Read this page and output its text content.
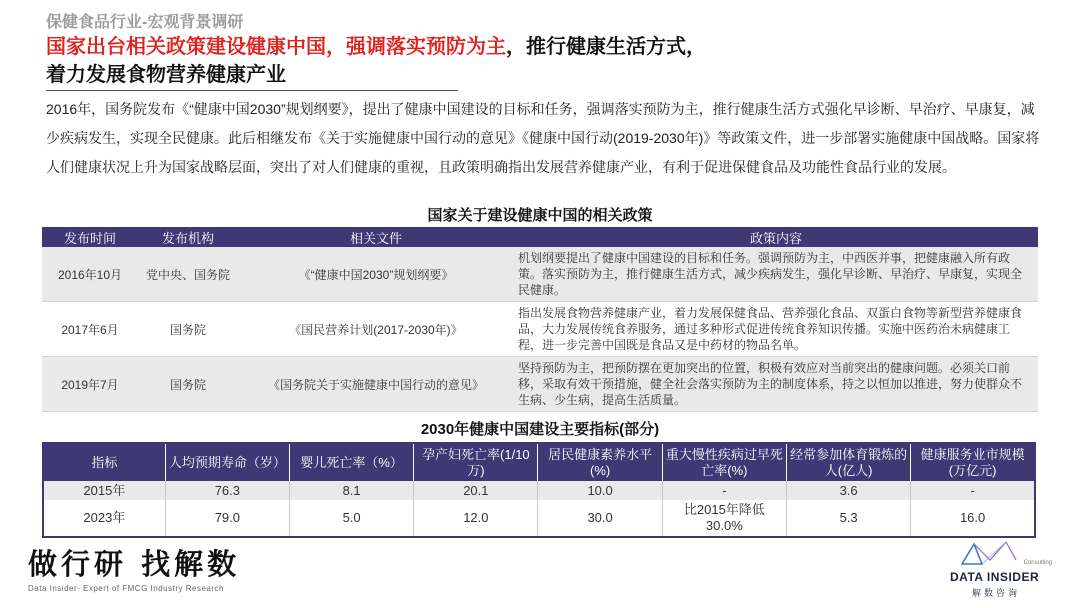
保健食品行业-宏观背景调研
国家出台相关政策建设健康中国，强调落实预防为主，推行健康生活方式，
着力发展食物营养健康产业

2016年，国务院发布《“健康中国2030”规划纲要》，提出了健康中国建设的目标和任务，强调落实预防为主，推行健康生活方式强化早诊断、早治疗、早康复，减少疾病发生，实现全民健康。此后相继发布《关于实施健康中国行动的意见》《健康中国行动(2019-2030年)》等政策文件，进一步部署实施健康中国战略。国家将人们健康状况上升为国家战略层面，突出了对人们健康的重视，且政策明确指出发展营养健康产业，有利于促进保健食品及功能性食品行业的发展。

国家关于建设健康中国的相关政策
发布时间	发布机构	相关文件	政策内容
2016年10月	党中央、国务院	《“健康中国2030”规划纲要》	机划纲要提出了健康中国建设的目标和任务。强调预防为主，中西医并事，把健康融入所有政策。落实预防为主，推行健康生活方式，减少疾病发生，强化早诊断、早治疗、早康复，实现全民健康。
2017年6月	国务院	《国民营养计划(2017-2030年)》	指出发展食物营养健康产业，着力发展保健食品、营养强化食品、双蛋白食物等新型营养健康食品，大力发展传统食养服务，通过多种形式促进传统食养知识传播。实施中医药治未病健康工程，进一步完善中国既是食品又是中药材的物品名单。
2019年7月	国务院	《国务院关于实施健康中国行动的意见》	坚持预防为主，把预防摆在更加突出的位置，积极有效应对当前突出的健康问题。必须关口前移，采取有效干预措施，健全社会落实预防为主的制度体系，持之以恒加以推进，努力使群众不生病、少生病，提高生活质量。
2030年健康中国建设主要指标(部分)
指标	人均预期寿命（岁）	婴儿死亡率（%）	孕产妇死亡率(1/10万)	居民健康素养水平(%)	重大慢性疾病过早死亡率(%)	经常参加体育锻炼的人(亿人)	健康服务业市规模(万亿元)
2015年	76.3	8.1	20.1	10.0	-	3.6	-
2023年	79.0	5.0	12.0	30.0	比2015年降低30.0%	5.3	16.0
做行研 找解数
Data Insider- Expert of FMCG Industry Research
Consulting
DATA INSIDER
解数咨询
